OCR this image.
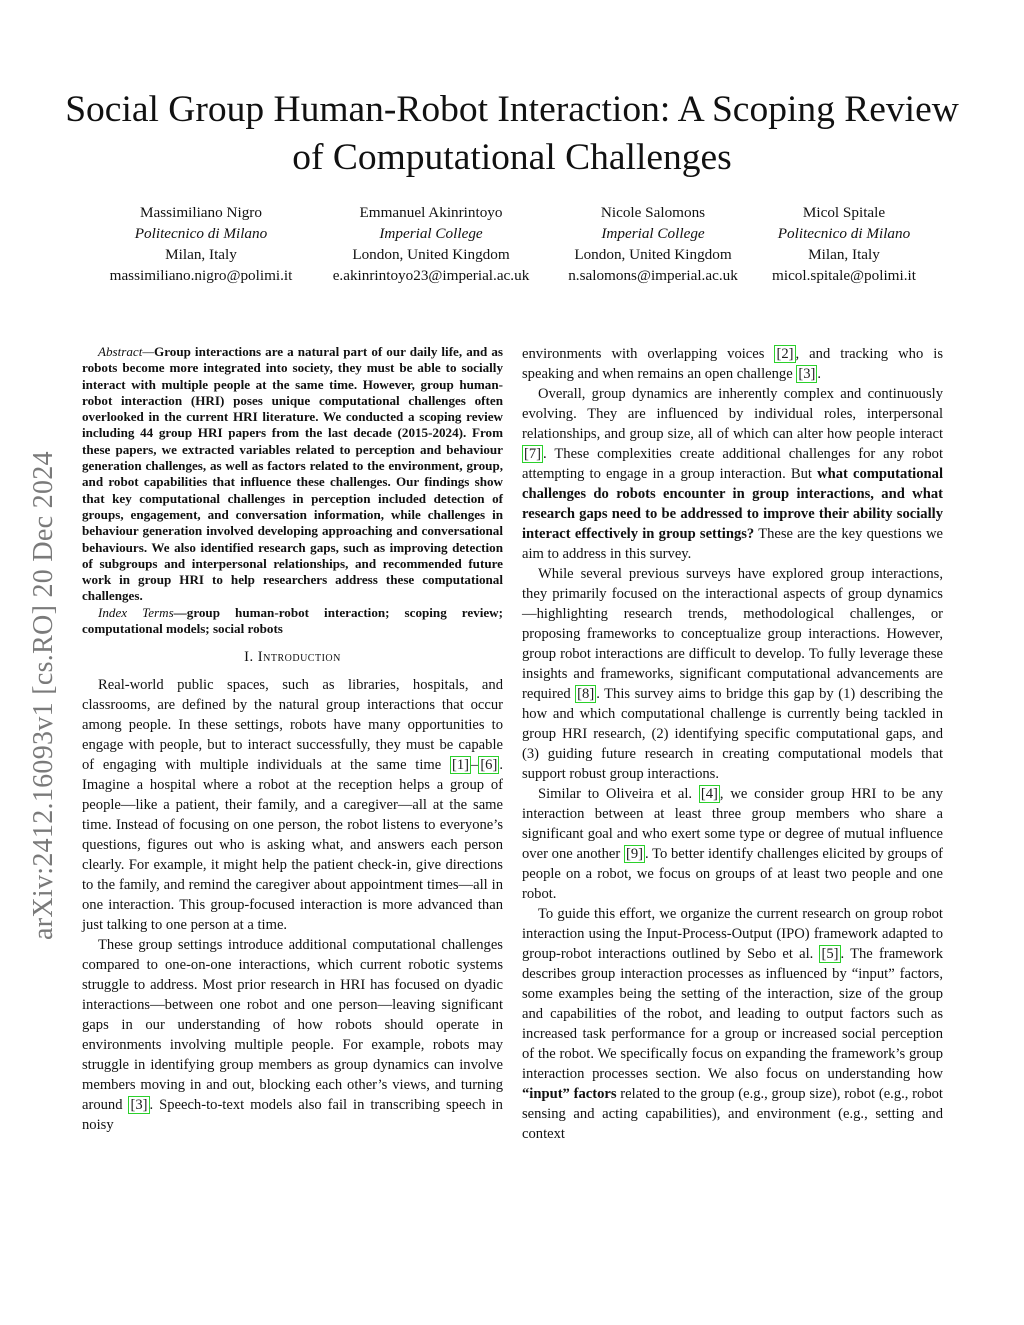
Social Group Human-Robot Interaction: A Scoping Review of Computational Challenges
Massimiliano Nigro
Politecnico di Milano
Milan, Italy
massimiliano.nigro@polimi.it
Emmanuel Akinrintoyo
Imperial College
London, United Kingdom
e.akinrintoyo23@imperial.ac.uk
Nicole Salomons
Imperial College
London, United Kingdom
n.salomons@imperial.ac.uk
Micol Spitale
Politecnico di Milano
Milan, Italy
micol.spitale@polimi.it
arXiv:2412.16093v1 [cs.RO] 20 Dec 2024

Abstract—Group interactions are a natural part of our daily life, and as robots become more integrated into society, they must be able to socially interact with multiple people at the same time. However, group human-robot interaction (HRI) poses unique computational challenges often overlooked in the current HRI literature. We conducted a scoping review including 44 group HRI papers from the last decade (2015-2024). From these papers, we extracted variables related to perception and behaviour generation challenges, as well as factors related to the environment, group, and robot capabilities that influence these challenges. Our findings show that key computational challenges in perception included detection of groups, engagement, and conversation information, while challenges in behaviour generation involved developing approaching and conversational behaviours. We also identified research gaps, such as improving detection of subgroups and interpersonal relationships, and recommended future work in group HRI to help researchers address these computational challenges.

Index Terms—group human-robot interaction; scoping review; computational models; social robots

I. Introduction

Real-world public spaces, such as libraries, hospitals, and classrooms, are defined by the natural group interactions that occur among people. In these settings, robots have many opportunities to engage with people, but to interact successfully, they must be capable of engaging with multiple individuals at the same time [1] – [6] . Imagine a hospital where a robot at the reception helps a group of people—like a patient, their family, and a caregiver—all at the same time. Instead of focusing on one person, the robot listens to everyone’s questions, figures out who is asking what, and answers each person clearly. For example, it might help the patient check-in, give directions to the family, and remind the caregiver about appointment times—all in one interaction. This group-focused interaction is more advanced than just talking to one person at a time.

These group settings introduce additional computational challenges compared to one-on-one interactions, which current robotic systems struggle to address. Most prior research in HRI has focused on dyadic interactions—between one robot and one person—leaving significant gaps in our understanding of how robots should operate in environments involving multiple people. For example, robots may struggle in identifying group members as group dynamics can involve members moving in and out, blocking each other’s views, and turning around [3] . Speech-to-text models also fail in transcribing speech in noisy

environments with overlapping voices [2] , and tracking who is speaking and when remains an open challenge [3] .

Overall, group dynamics are inherently complex and continuously evolving. They are influenced by individual roles, interpersonal relationships, and group size, all of which can alter how people interact [7] . These complexities create additional challenges for any robot attempting to engage in a group interaction. But what computational challenges do robots encounter in group interactions, and what research gaps need to be addressed to improve their ability socially interact effectively in group settings? These are the key questions we aim to address in this survey.

While several previous surveys have explored group interactions, they primarily focused on the interactional aspects of group dynamics—highlighting research trends, methodological challenges, or proposing frameworks to conceptualize group interactions. However, group robot interactions are difficult to develop. To fully leverage these insights and frameworks, significant computational advancements are required [8] . This survey aims to bridge this gap by (1) describing the how and which computational challenge is currently being tackled in group HRI research, (2) identifying specific computational gaps, and (3) guiding future research in creating computational models that support robust group interactions.

Similar to Oliveira et al. [4] , we consider group HRI to be any interaction between at least three group members who share a significant goal and who exert some type or degree of mutual influence over one another [9] . To better identify challenges elicited by groups of people on a robot, we focus on groups of at least two people and one robot.

To guide this effort, we organize the current research on group robot interaction using the Input-Process-Output (IPO) framework adapted to group-robot interactions outlined by Sebo et al. [5] . The framework describes group interaction processes as influenced by “input” factors, some examples being the setting of the interaction, size of the group and capabilities of the robot, and leading to output factors such as increased task performance for a group or increased social perception of the robot. We specifically focus on expanding the framework’s group interaction processes section. We also focus on understanding how “input” factors related to the group (e.g., group size), robot (e.g., robot sensing and acting capabilities), and environment (e.g., setting and context
